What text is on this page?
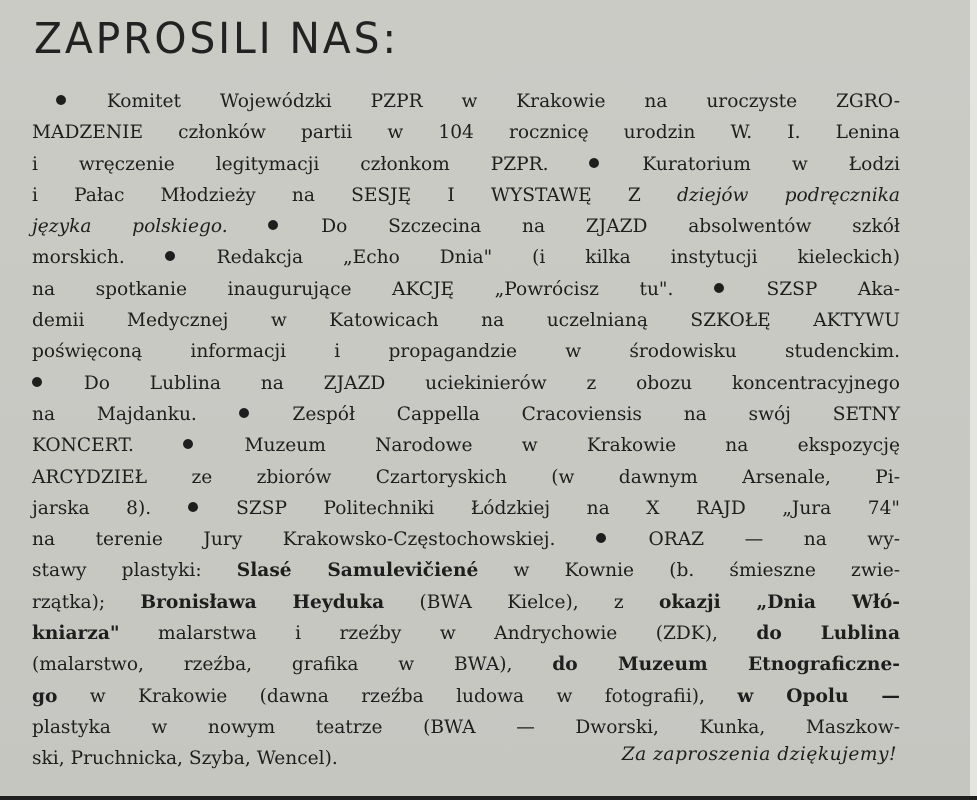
ZAPROSILI NAS:
Komitet Wojewódzki PZPR w Krakowie na uroczyste ZGRO-
MADZENIE członków partii w 104 rocznicę urodzin W. I. Lenina
i wręczenie legitymacji członkom PZPR.	Kuratorium w Łodzi
i Pałac Młodzieży na SESJĘ I WYSTAWĘ Z dziejów podręcznika
języka polskiego.	Do Szczecina na ZJAZD absolwentów szkół
morskich.	Redakcja „Echo Dnia" (i kilka instytucji kieleckich)
na spotkanie inaugurujące AKCJĘ „Powrócisz tu".	SZSP Aka-
demii Medycznej w Katowicach na uczelnianą SZKOŁĘ AKTYWU
poświęconą informacji i propagandzie w środowisku studenckim.
Do Lublina na ZJAZD uciekinierów z obozu koncentracyjnego
na Majdanku.	Zespół Cappella Cracoviensis na swój SETNY
KONCERT.	Muzeum Narodowe w Krakowie na ekspozycję
ARCYDZIEŁ ze zbiorów Czartoryskich (w dawnym Arsenale, Pi-
jarska 8).	SZSP Politechniki Łódzkiej na X RAJD „Jura 74"
na terenie Jury Krakowsko-Częstochowskiej.	ORAZ — na wy-
stawy plastyki: Slasé Samulevičiené w Kownie (b. śmieszne zwie-
rzątka); Bronisława Heyduka (BWA Kielce), z okazji „Dnia Włó-
kniarza" malarstwa i rzeźby w Andrychowie (ZDK), do Lublina
(malarstwo, rzeźba, grafika w BWA), do Muzeum Etnograficzne-
go w Krakowie (dawna rzeźba ludowa w fotografii), w Opolu —
plastyka w nowym teatrze (BWA — Dworski, Kunka, Maszkow-
ski, Pruchnicka, Szyba, Wencel).	Za zaproszenia dziękujemy!
